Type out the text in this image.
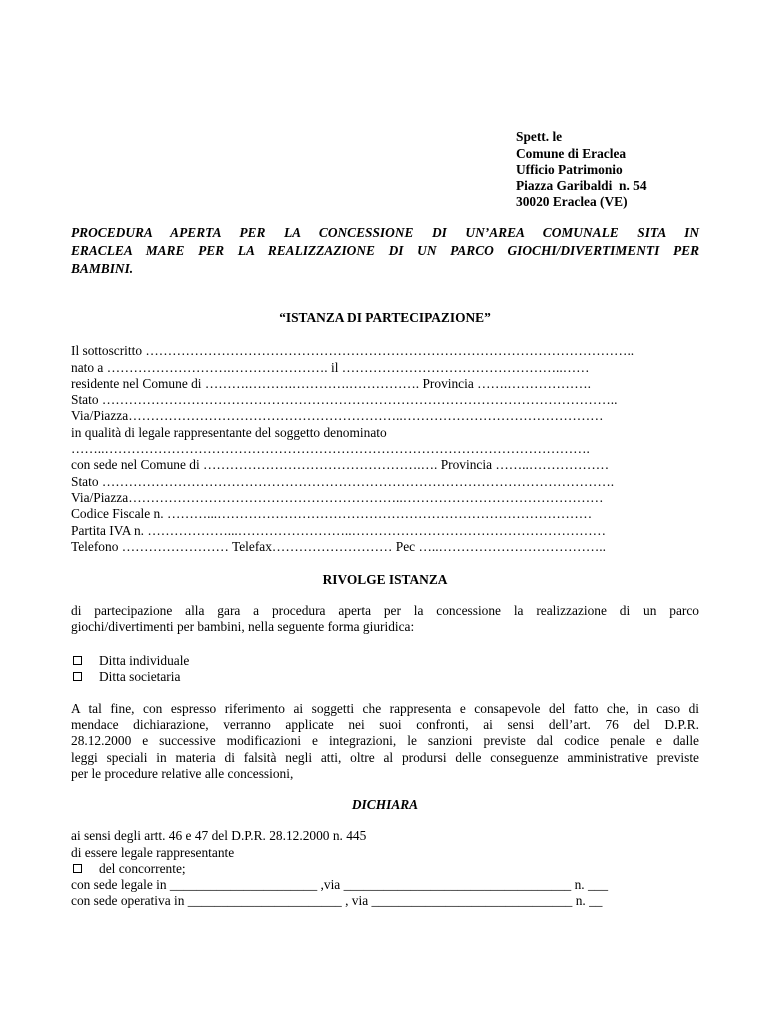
Spett. le
Comune di Eraclea
Ufficio Patrimonio
Piazza Garibaldi  n. 54
30020 Eraclea (VE)
PROCEDURA APERTA PER LA CONCESSIONE DI UN’AREA COMUNALE SITA IN
ERACLEA MARE PER LA REALIZZAZIONE DI UN PARCO GIOCHI/DIVERTIMENTI PER
BAMBINI.
“ISTANZA DI PARTECIPAZIONE”
Il sottoscritto ………………………………………………………………………………………………..
nato a ……………………….…………………. il …………………………………………..……
residente nel Comune di ……….……….………….……………. Provincia …….……………….
Stato ……………………………………………………………………………………………………..
Via/Piazza……………………………………………………..………………………………………
in qualità di legale rappresentante del soggetto denominato
……..……………………………………………………………………………………………….
con sede nel Comune di ………………………………………….…. Provincia ……..………………
Stato …………………………………………………………………………………………………….
Via/Piazza……………………………………………………..………………………………………
Codice Fiscale n. ………...…………………………………………………………………………
Partita IVA n. ………………...……………………..…………………………………………………
Telefono …………………… Telefax……………………… Pec …..………………………………..
RIVOLGE ISTANZA
di partecipazione alla gara a procedura aperta per la concessione la realizzazione di un parco
giochi/divertimenti per bambini, nella seguente forma giuridica:
Ditta individuale
Ditta societaria
A tal fine, con espresso riferimento ai soggetti che rappresenta e consapevole del fatto che, in caso di
mendace dichiarazione, verranno applicate nei suoi confronti, ai sensi dell’art. 76 del D.P.R.
28.12.2000 e successive modificazioni e integrazioni, le sanzioni previste dal codice penale e dalle
leggi speciali in materia di falsità negli atti, oltre al prodursi delle conseguenze amministrative previste
per le procedure relative alle concessioni,
DICHIARA
ai sensi degli artt. 46 e 47 del D.P.R. 28.12.2000 n. 445
di essere legale rappresentante
del concorrente;
con sede legale in ______________________ ,via __________________________________ n. ___
con sede operativa in _______________________ , via ______________________________ n. __
